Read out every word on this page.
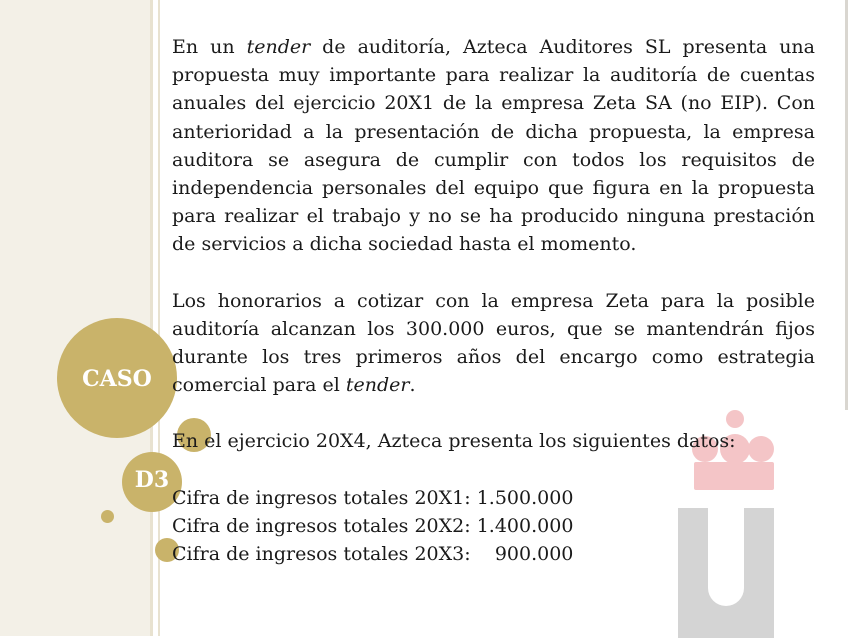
CASO
D3

En un tender de auditoría, Azteca Auditores SL presenta una propuesta muy importante para realizar la auditoría de cuentas anuales del ejercicio 20X1 de la empresa Zeta SA (no EIP). Con anterioridad a la presentación de dicha propuesta, la empresa auditora se asegura de cumplir con todos los requisitos de independencia personales del equipo que figura en la propuesta para realizar el trabajo y no se ha producido ninguna prestación de servicios a dicha sociedad hasta el momento.

Los honorarios a cotizar con la empresa Zeta para la posible auditoría alcanzan los 300.000 euros, que se mantendrán fijos durante los tres primeros años del encargo como estrategia comercial para el tender.

En el ejercicio 20X4, Azteca presenta los siguientes datos:

Cifra de ingresos totales 20X1: 1.500.000
Cifra de ingresos totales 20X2: 1.400.000
Cifra de ingresos totales 20X3:    900.000
